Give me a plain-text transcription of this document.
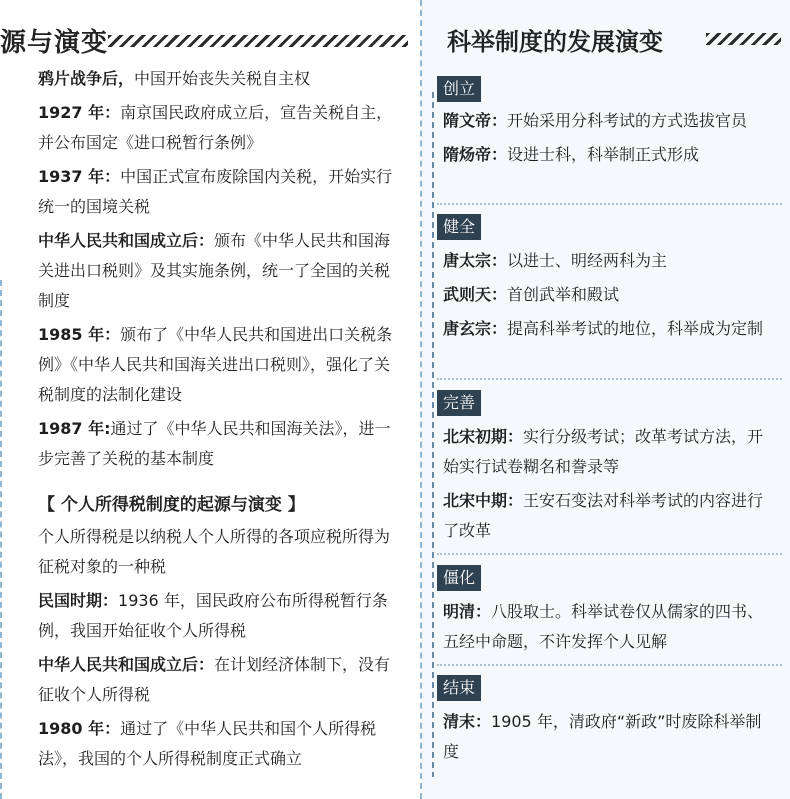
源与演变
鸦片战争后，中国开始丧失关税自主权
1927 年：南京国民政府成立后，宣告关税自主，并公布国定《进口税暂行条例》
1937 年：中国正式宣布废除国内关税，开始实行统一的国境关税
中华人民共和国成立后：颁布《中华人民共和国海关进出口税则》及其实施条例，统一了全国的关税制度
1985 年：颁布了《中华人民共和国进出口关税条例》《中华人民共和国海关进出口税则》，强化了关税制度的法制化建设
1987 年:通过了《中华人民共和国海关法》，进一步完善了关税的基本制度
【 个人所得税制度的起源与演变 】
个人所得税是以纳税人个人所得的各项应税所得为征税对象的一种税
民国时期：1936 年，国民政府公布所得税暂行条例，我国开始征收个人所得税
中华人民共和国成立后：在计划经济体制下，没有征收个人所得税
1980 年：通过了《中华人民共和国个人所得税法》，我国的个人所得税制度正式确立
科举制度的发展演变
创立
隋文帝：开始采用分科考试的方式选拔官员
隋炀帝：设进士科，科举制正式形成
健全
唐太宗：以进士、明经两科为主
武则天：首创武举和殿试
唐玄宗：提高科举考试的地位，科举成为定制
完善
北宋初期：实行分级考试；改革考试方法，开始实行试卷糊名和誊录等
北宋中期：王安石变法对科举考试的内容进行了改革
僵化
明清：八股取士。科举试卷仅从儒家的四书、五经中命题，不许发挥个人见解
结束
清末：1905 年，清政府“新政”时废除科举制度
